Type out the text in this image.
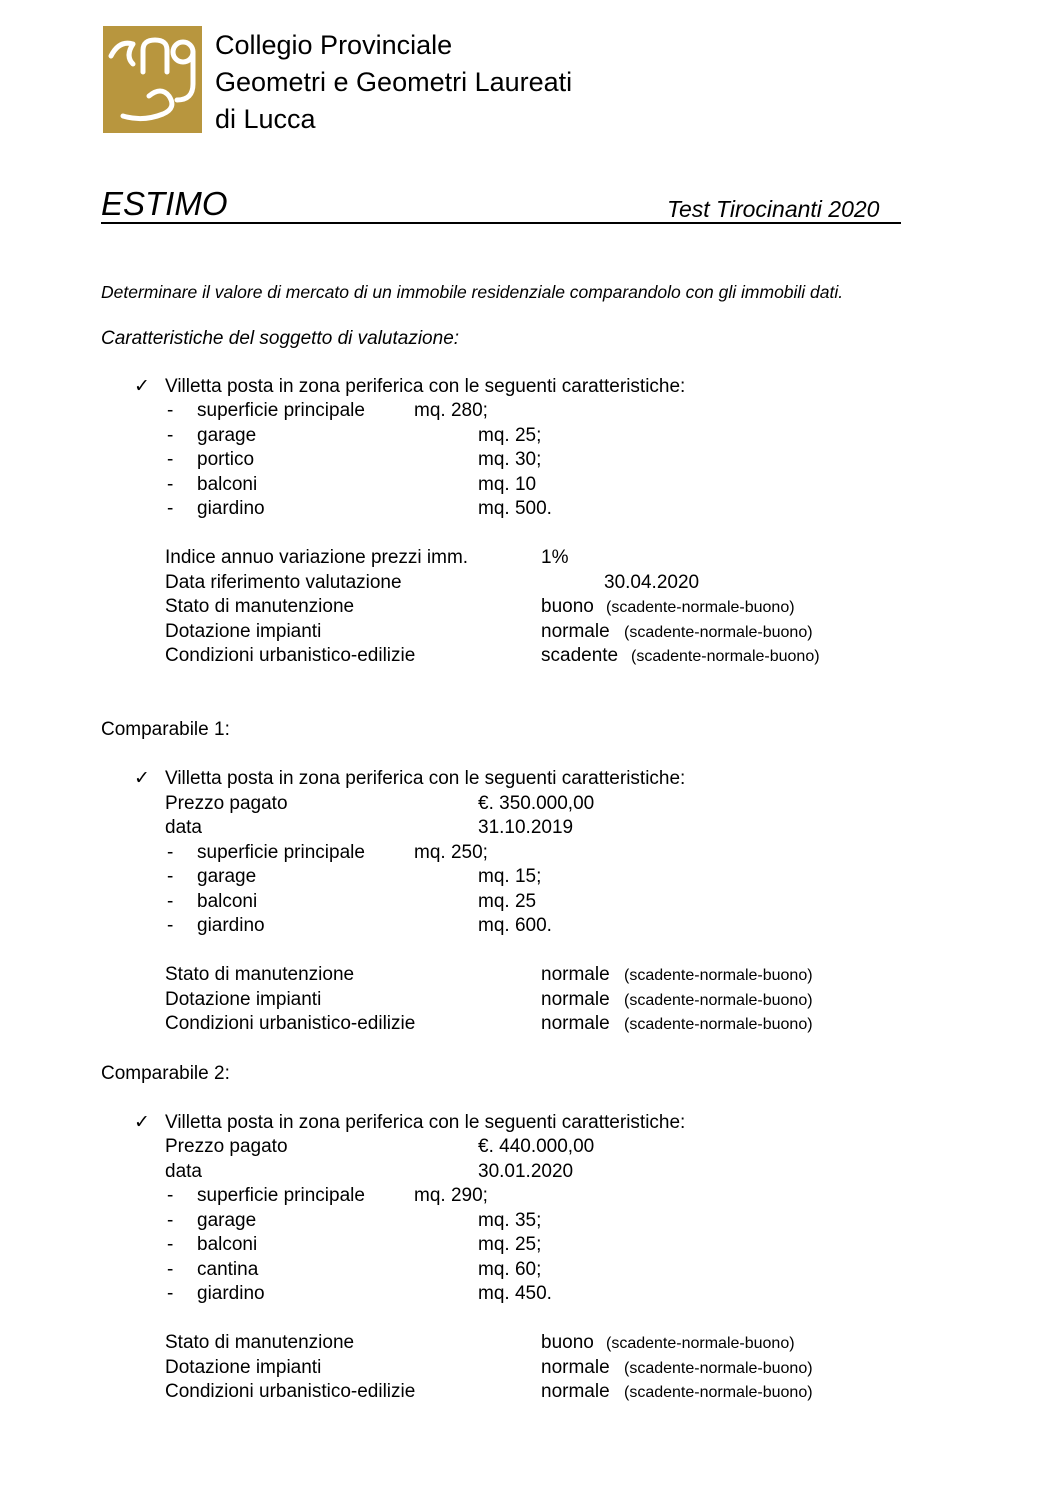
Collegio Provinciale
Geometri e Geometri Laureati
di Lucca
ESTIMO	Test Tirocinanti 2020
Determinare il valore di mercato di un immobile residenziale comparandolo con gli immobili dati.
Caratteristiche del soggetto di valutazione:
✓ Villetta posta in zona periferica con le seguenti caratteristiche:
- superficie principale	mq. 280;
- garage	mq. 25;
- portico	mq. 30;
- balconi	mq. 10
- giardino	mq. 500.
Indice annuo variazione prezzi imm.	1%
Data riferimento valutazione	30.04.2020
Stato di manutenzione	buono (scadente-normale-buono)
Dotazione impianti	normale (scadente-normale-buono)
Condizioni urbanistico-edilizie	scadente (scadente-normale-buono)
Comparabile 1:
✓ Villetta posta in zona periferica con le seguenti caratteristiche:
Prezzo pagato	€. 350.000,00
data	31.10.2019
- superficie principale	mq. 250;
- garage	mq. 15;
- balconi	mq. 25
- giardino	mq. 600.
Stato di manutenzione	normale (scadente-normale-buono)
Dotazione impianti	normale (scadente-normale-buono)
Condizioni urbanistico-edilizie	normale (scadente-normale-buono)
Comparabile 2:
✓ Villetta posta in zona periferica con le seguenti caratteristiche:
Prezzo pagato	€. 440.000,00
data	30.01.2020
- superficie principale	mq. 290;
- garage	mq. 35;
- balconi	mq. 25;
- cantina	mq. 60;
- giardino	mq. 450.
Stato di manutenzione	buono (scadente-normale-buono)
Dotazione impianti	normale (scadente-normale-buono)
Condizioni urbanistico-edilizie	normale (scadente-normale-buono)
